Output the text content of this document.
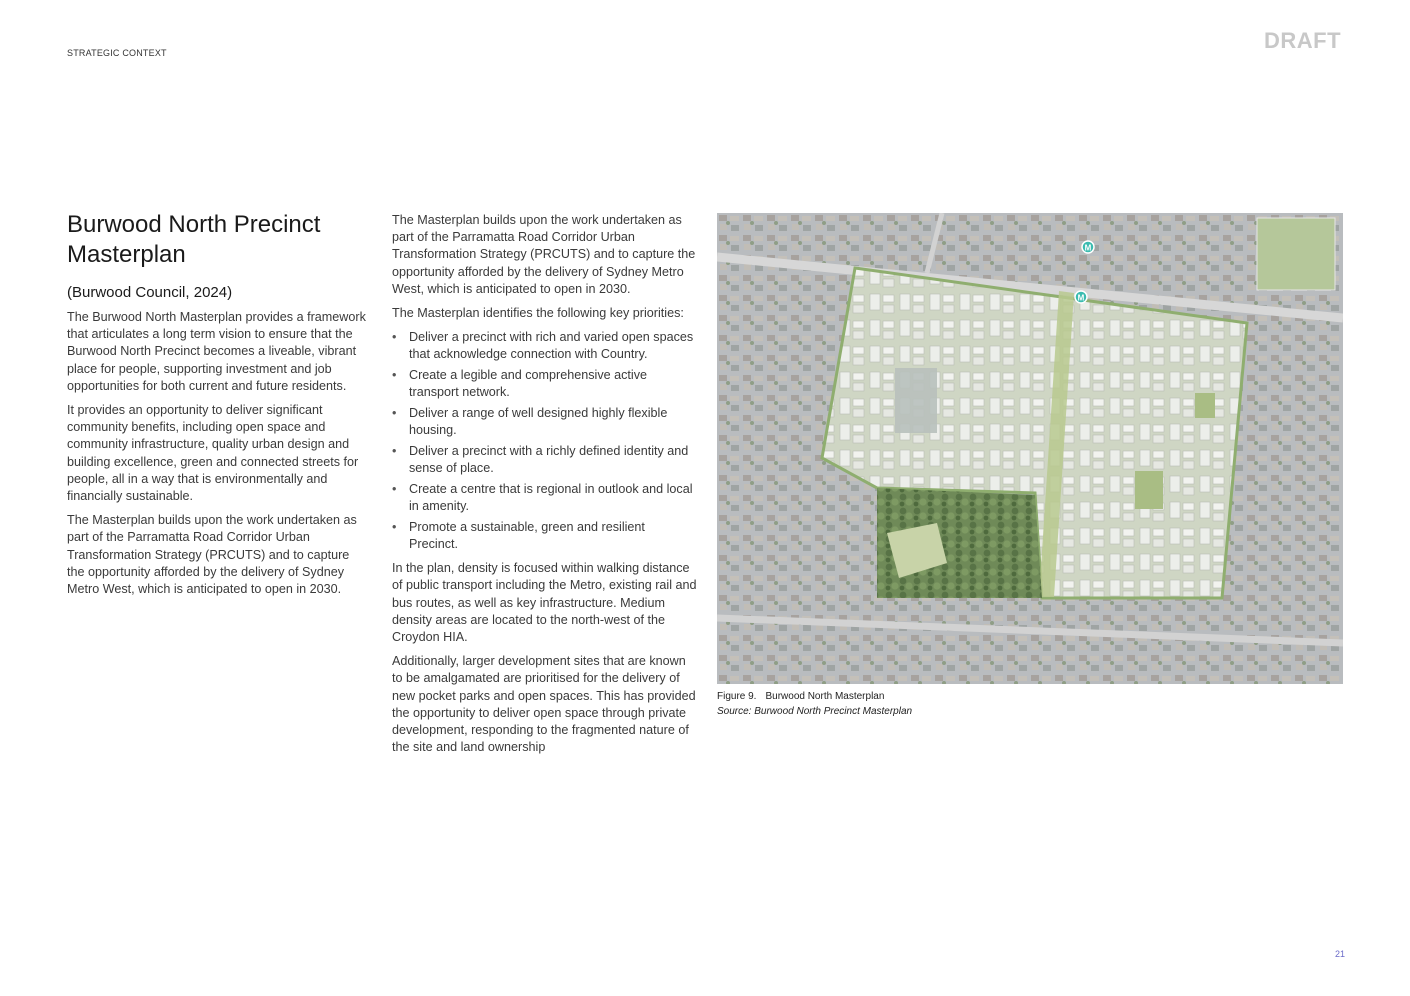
STRATEGIC CONTEXT	DRAFT
Burwood North Precinct Masterplan
(Burwood Council, 2024)

The Burwood North Masterplan provides a framework that articulates a long term vision to ensure that the Burwood North Precinct becomes a liveable, vibrant place for people, supporting investment and job opportunities for both current and future residents.

It provides an opportunity to deliver significant community benefits, including open space and community infrastructure, quality urban design and building excellence, green and connected streets for people, all in a way that is environmentally and financially sustainable.

The Masterplan builds upon the work undertaken as part of the Parramatta Road Corridor Urban Transformation Strategy (PRCUTS) and to capture the opportunity afforded by the delivery of Sydney Metro West, which is anticipated to open in 2030.

The Masterplan builds upon the work undertaken as part of the Parramatta Road Corridor Urban Transformation Strategy (PRCUTS) and to capture the opportunity afforded by the delivery of Sydney Metro West, which is anticipated to open in 2030.

The Masterplan identifies the following key priorities:

• Deliver a precinct with rich and varied open spaces that acknowledge connection with Country.
• Create a legible and comprehensive active transport network.
• Deliver a range of well designed highly flexible housing.
• Deliver a precinct with a richly defined identity and sense of place.
• Create a centre that is regional in outlook and local in amenity.
• Promote a sustainable, green and resilient Precinct.

In the plan, density is focused within walking distance of public transport including the Metro, existing rail and bus routes, as well as key infrastructure. Medium density areas are located to the north-west of the Croydon HIA.

Additionally, larger development sites that are known to be amalgamated are prioritised for the delivery of new pocket parks and open spaces. This has provided the opportunity to deliver open space through private development, responding to the fragmented nature of the site and land ownership

M
M
Figure 9. Burwood North Masterplan
Source: Burwood North Precinct Masterplan
21
